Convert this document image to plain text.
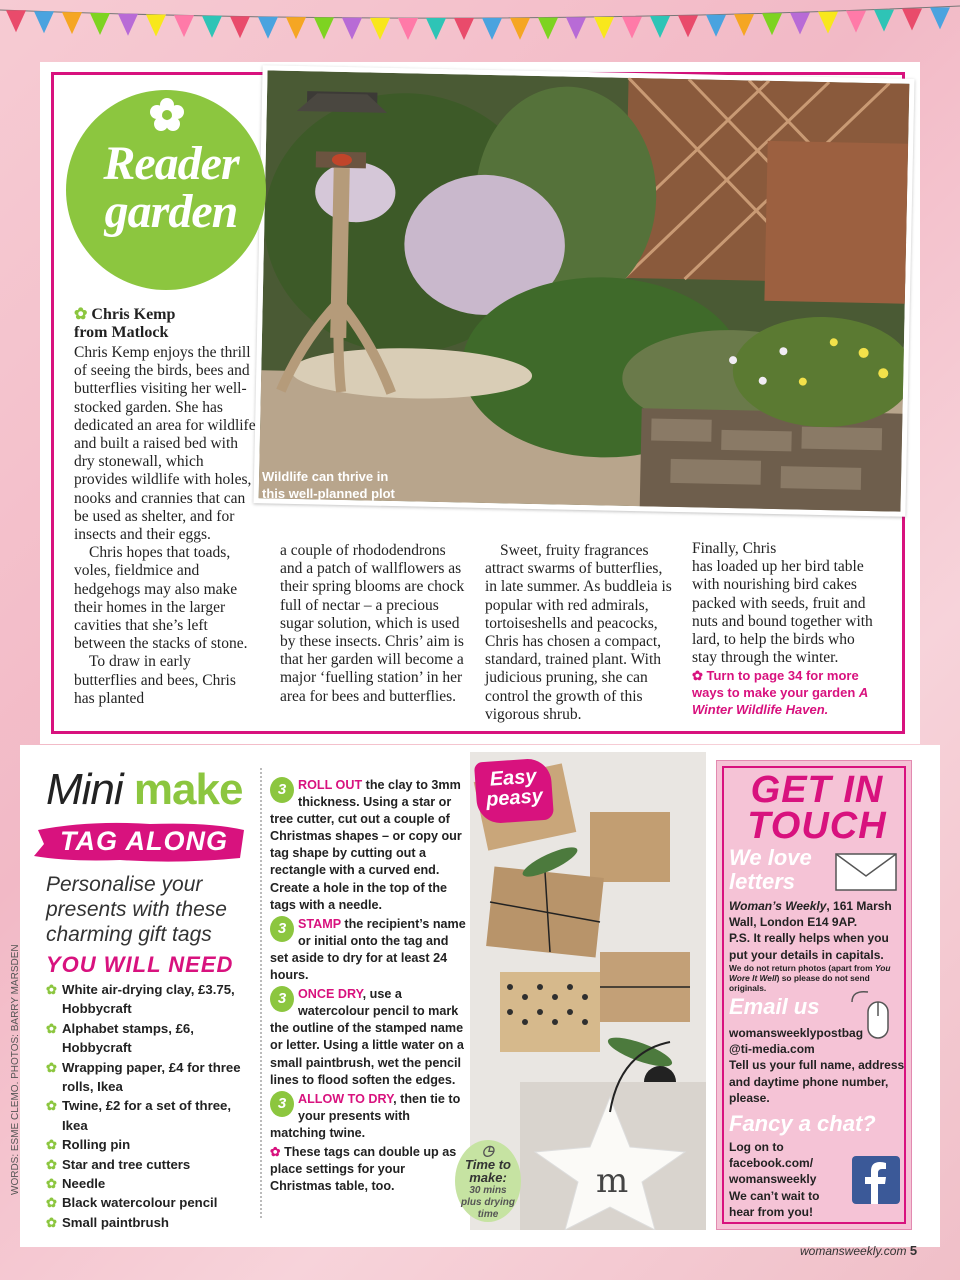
Wildlife can thrive in
this well-planned plot
Reader
garden
✿ Chris Kemp
from Matlock

Chris Kemp enjoys the thrill of seeing the birds, bees and butterflies visiting her well-stocked garden. She has dedicated an area for wildlife and built a raised bed with dry stonewall, which provides wildlife with holes, nooks and crannies that can be used as shelter, and for insects and their eggs.

Chris hopes that toads, voles, fieldmice and hedgehogs may also make their homes in the larger cavities that she’s left between the stacks of stone.

To draw in early butterflies and bees, Chris has planted

a couple of rhododendrons and a patch of wallflowers as their spring blooms are chock full of nectar – a precious sugar solution, which is used by these insects. Chris’ aim is that her garden will become a major ‘fuelling station’ in her area for bees and butterflies.

Sweet, fruity fragrances attract swarms of butterflies, in late summer. As buddleia is popular with red admirals, tortoiseshells and peacocks, Chris has chosen a compact, standard, trained plant. With judicious pruning, she can control the growth of this vigorous shrub.

Finally, Chris

has loaded up her bird table with nourishing bird cakes packed with seeds, fruit and nuts and bound together with lard, to help the birds who stay through the winter.

✿ Turn to page 34 for more ways to make your garden A Winter Wildlife Haven.

Mini make
TAG ALONG
Personalise your presents with these charming gift tags
YOU WILL NEED
✿ White air-drying clay, £3.75, Hobbycraft
✿ Alphabet stamps, £6, Hobbycraft
✿ Wrapping paper, £4 for three rolls, Ikea
✿ Twine, £2 for a set of three, Ikea
✿ Rolling pin
✿ Star and tree cutters
✿ Needle
✿ Black watercolour pencil
✿ Small paintbrush
WORDS: ESME CLEMO. PHOTOS: BARRY MARSDEN
3 ROLL OUT the clay to 3mm thickness. Using a star or tree cutter, cut out a couple of Christmas shapes – or copy our tag shape by cutting out a rectangle with a curved end. Create a hole in the top of the tags with a needle.
3 STAMP the recipient’s name or initial onto the tag and set aside to dry for at least 24 hours.
3 ONCE DRY, use a watercolour pencil to mark the outline of the stamped name or letter. Using a little water on a small paintbrush, wet the pencil lines to flood soften the edges.
3 ALLOW TO DRY, then tie to your presents with matching twine.
✿ These tags can double up as place settings for your Christmas table, too.	m
Easy
peasy
◷
Time to
make:
30 mins
plus drying
time
GET IN
TOUCH
We love
letters
Woman’s Weekly, 161 Marsh Wall, London E14 9AP.
P.S. It really helps when you put your details in capitals.
We do not return photos (apart from You Wore It Well) so please do not send originals.
Email us
womansweeklypostbag
@ti-media.com
Tell us your full name, address and daytime phone number, please.
Fancy a chat?
Log on to facebook.com/
womansweekly
We can’t wait to
hear from you!
womansweekly.com 5
